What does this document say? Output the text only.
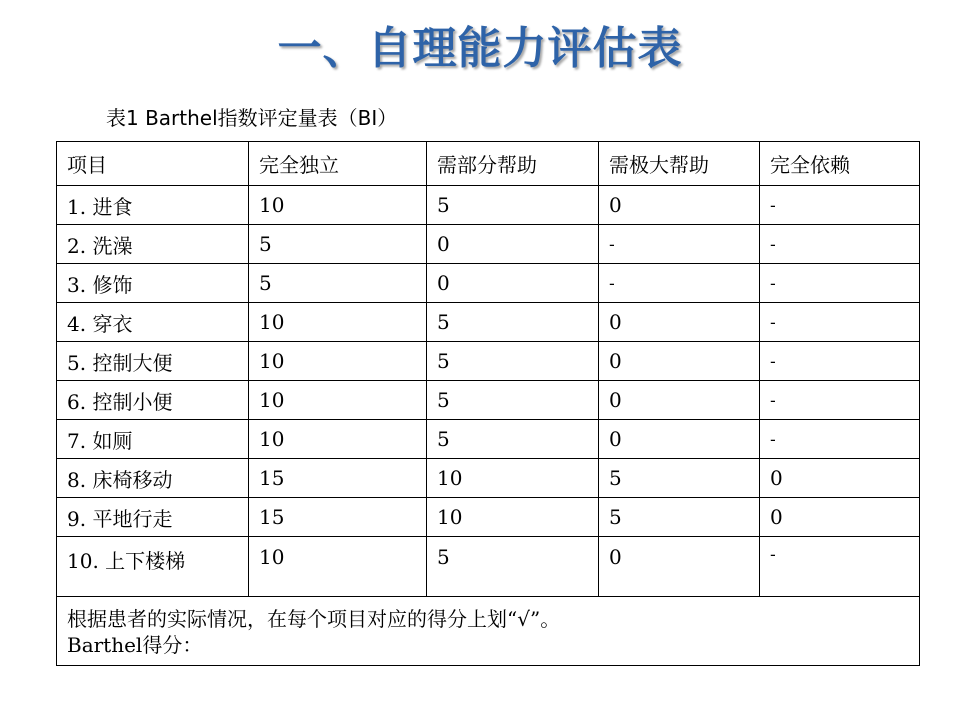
一、自理能力评估表
表1 Barthel指数评定量表（BI）
项目	完全独立	需部分帮助	需极大帮助	完全依赖
1. 进食	10	5	0	-
2. 洗澡	5	0	-	-
3. 修饰	5	0	-	-
4. 穿衣	10	5	0	-
5. 控制大便	10	5	0	-
6. 控制小便	10	5	0	-
7. 如厕	10	5	0	-
8. 床椅移动	15	10	5	0
9. 平地行走	15	10	5	0
10. 上下楼梯	10	5	0	-

根据患者的实际情况，在每个项目对应的得分上划“√”。
Barthel得分：				
